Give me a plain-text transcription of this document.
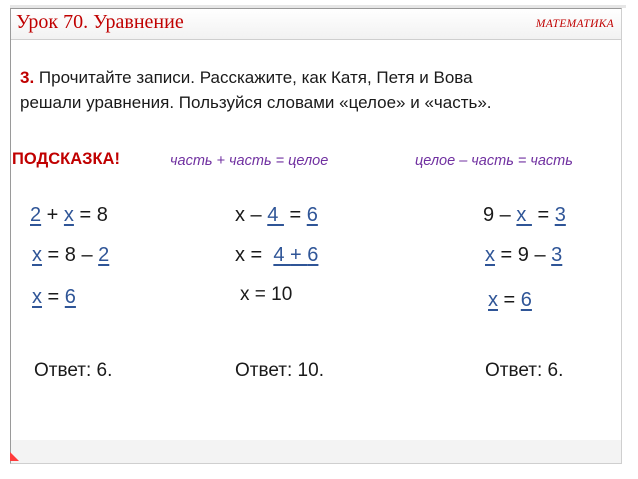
Урок 70. Уравнение	МАТЕМАТИКА
3. Прочитайте записи. Расскажите, как Катя, Петя и Вова
решали уравнения. Пользуйся словами «целое» и «часть».
ПОДСКАЗКА!	часть + часть = целое	целое – часть = часть
2 + x = 8
x = 8 – 2
x = 6
Ответ: 6.
x – 4  = 6
x =  4 + 6
x = 10
Ответ: 10.
9 – x  = 3
x = 9 – 3
x = 6
Ответ: 6.
